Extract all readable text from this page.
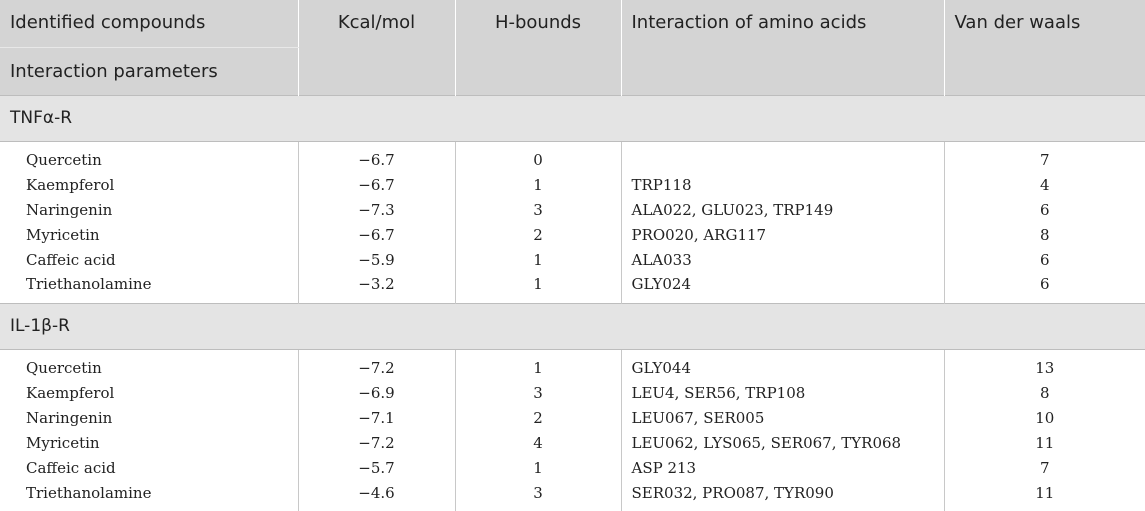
Identified compounds	Kcal/mol	H-bounds	Interaction of amino acids	Van der waals
Interaction parameters				
TNFα-R				
Quercetin	−6.7	0		7
Kaempferol	−6.7	1	TRP118	4
Naringenin	−7.3	3	ALA022, GLU023, TRP149	6
Myricetin	−6.7	2	PRO020, ARG117	8
Caffeic acid	−5.9	1	ALA033	6
Triethanolamine	−3.2	1	GLY024	6
IL-1β-R				
Quercetin	−7.2	1	GLY044	13
Kaempferol	−6.9	3	LEU4, SER56, TRP108	8
Naringenin	−7.1	2	LEU067, SER005	10
Myricetin	−7.2	4	LEU062, LYS065, SER067, TYR068	11
Caffeic acid	−5.7	1	ASP 213	7
Triethanolamine	−4.6	3	SER032, PRO087, TYR090	11
